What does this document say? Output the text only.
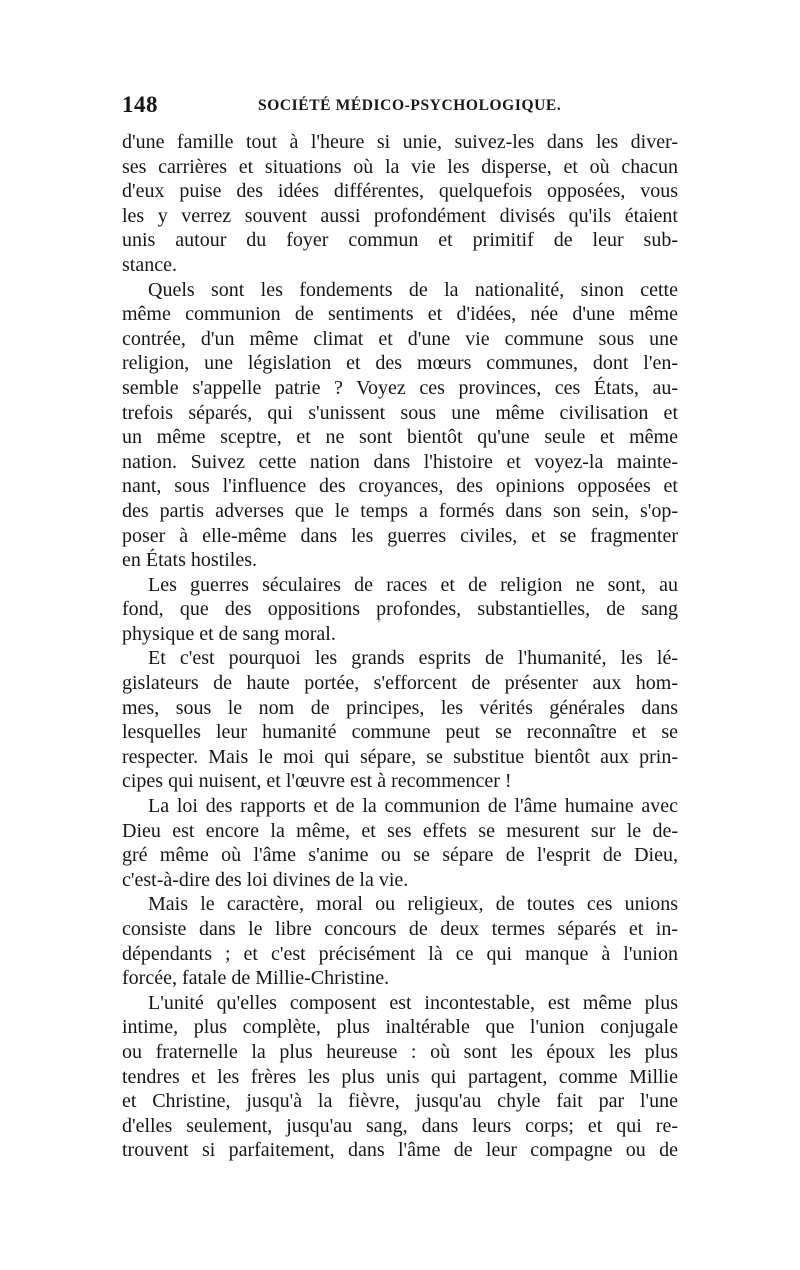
148	SOCIÉTÉ MÉDICO-PSYCHOLOGIQUE.
d'une famille tout à l'heure si unie, suivez-les dans les diver-
ses carrières et situations où la vie les disperse, et où chacun
d'eux puise des idées différentes, quelquefois opposées, vous
les y verrez souvent aussi profondément divisés qu'ils étaient
unis autour du foyer commun et primitif de leur sub-
stance.
Quels sont les fondements de la nationalité, sinon cette
même communion de sentiments et d'idées, née d'une même
contrée, d'un même climat et d'une vie commune sous une
religion, une législation et des mœurs communes, dont l'en-
semble s'appelle patrie ? Voyez ces provinces, ces États, au-
trefois séparés, qui s'unissent sous une même civilisation et
un même sceptre, et ne sont bientôt qu'une seule et même
nation. Suivez cette nation dans l'histoire et voyez-la mainte-
nant, sous l'influence des croyances, des opinions opposées et
des partis adverses que le temps a formés dans son sein, s'op-
poser à elle-même dans les guerres civiles, et se fragmenter
en États hostiles.
Les guerres séculaires de races et de religion ne sont, au
fond, que des oppositions profondes, substantielles, de sang
physique et de sang moral.
Et c'est pourquoi les grands esprits de l'humanité, les lé-
gislateurs de haute portée, s'efforcent de présenter aux hom-
mes, sous le nom de principes, les vérités générales dans
lesquelles leur humanité commune peut se reconnaître et se
respecter. Mais le moi qui sépare, se substitue bientôt aux prin-
cipes qui nuisent, et l'œuvre est à recommencer !
La loi des rapports et de la communion de l'âme humaine avec
Dieu est encore la même, et ses effets se mesurent sur le de-
gré même où l'âme s'anime ou se sépare de l'esprit de Dieu,
c'est-à-dire des loi divines de la vie.
Mais le caractère, moral ou religieux, de toutes ces unions
consiste dans le libre concours de deux termes séparés et in-
dépendants ; et c'est précisément là ce qui manque à l'union
forcée, fatale de Millie-Christine.
L'unité qu'elles composent est incontestable, est même plus
intime, plus complète, plus inaltérable que l'union conjugale
ou fraternelle la plus heureuse : où sont les époux les plus
tendres et les frères les plus unis qui partagent, comme Millie
et Christine, jusqu'à la fièvre, jusqu'au chyle fait par l'une
d'elles seulement, jusqu'au sang, dans leurs corps; et qui re-
trouvent si parfaitement, dans l'âme de leur compagne ou de
